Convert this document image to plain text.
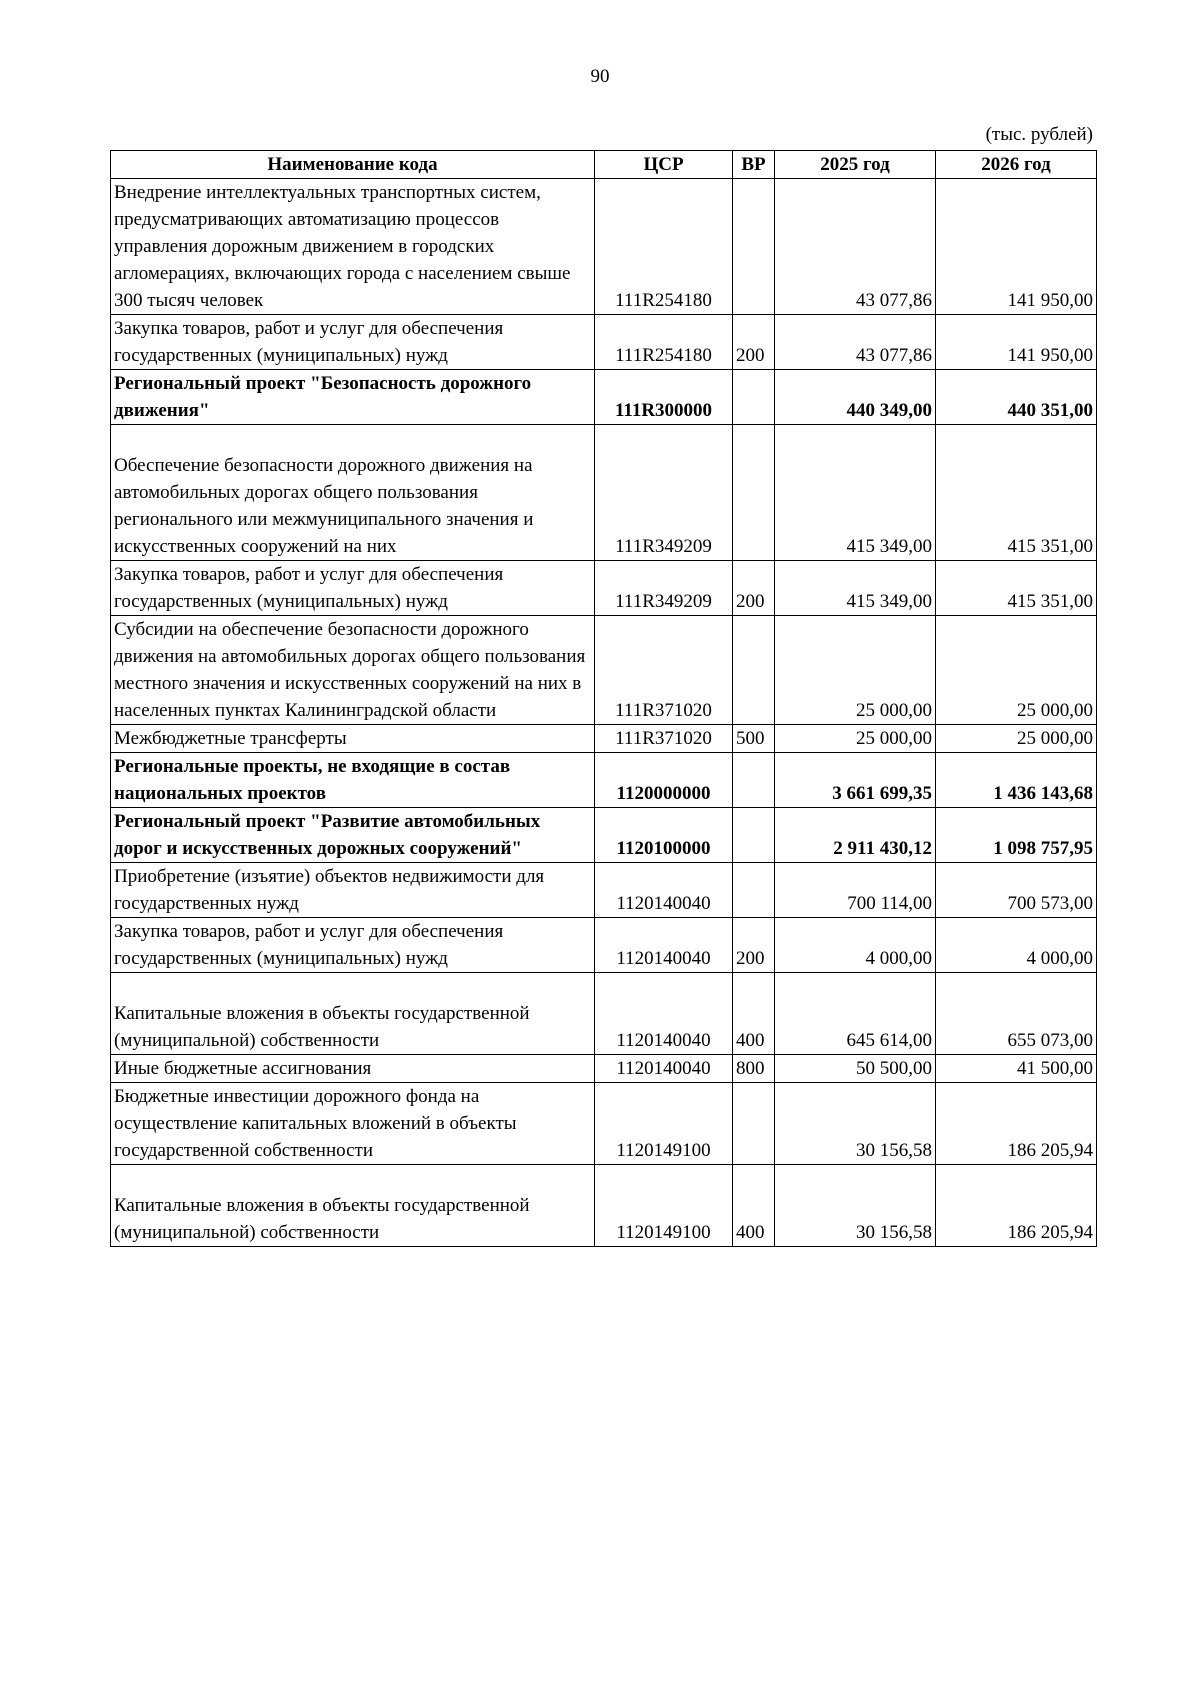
90
(тыс. рублей)
Наименование кода	ЦСР	ВР	2025 год	2026 год
Внедрение интеллектуальных транспортных систем, предусматривающих автоматизацию процессов управления дорожным движением в городских агломерациях, включающих города с населением свыше 300 тысяч человек	111R254180		43 077,86	141 950,00
Закупка товаров, работ и услуг для обеспечения государственных (муниципальных) нужд	111R254180	200	43 077,86	141 950,00
Региональный проект "Безопасность дорожного движения"	111R300000		440 349,00	440 351,00
Обеспечение безопасности дорожного движения на автомобильных дорогах общего пользования регионального или межмуниципального значения и искусственных сооружений на них	111R349209		415 349,00	415 351,00
Закупка товаров, работ и услуг для обеспечения государственных (муниципальных) нужд	111R349209	200	415 349,00	415 351,00
Субсидии на обеспечение безопасности дорожного движения на автомобильных дорогах общего пользования местного значения и искусственных сооружений на них в населенных пунктах Калининградской области	111R371020		25 000,00	25 000,00
Межбюджетные трансферты	111R371020	500	25 000,00	25 000,00
Региональные проекты, не входящие в состав национальных проектов	1120000000		3 661 699,35	1 436 143,68
Региональный проект "Развитие автомобильных дорог и искусственных дорожных сооружений"	1120100000		2 911 430,12	1 098 757,95
Приобретение (изъятие) объектов недвижимости для государственных нужд	1120140040		700 114,00	700 573,00
Закупка товаров, работ и услуг для обеспечения государственных (муниципальных) нужд	1120140040	200	4 000,00	4 000,00
Капитальные вложения в объекты государственной (муниципальной) собственности	1120140040	400	645 614,00	655 073,00
Иные бюджетные ассигнования	1120140040	800	50 500,00	41 500,00
Бюджетные инвестиции дорожного фонда на осуществление капитальных вложений в объекты государственной собственности	1120149100		30 156,58	186 205,94
Капитальные вложения в объекты государственной (муниципальной) собственности	1120149100	400	30 156,58	186 205,94
